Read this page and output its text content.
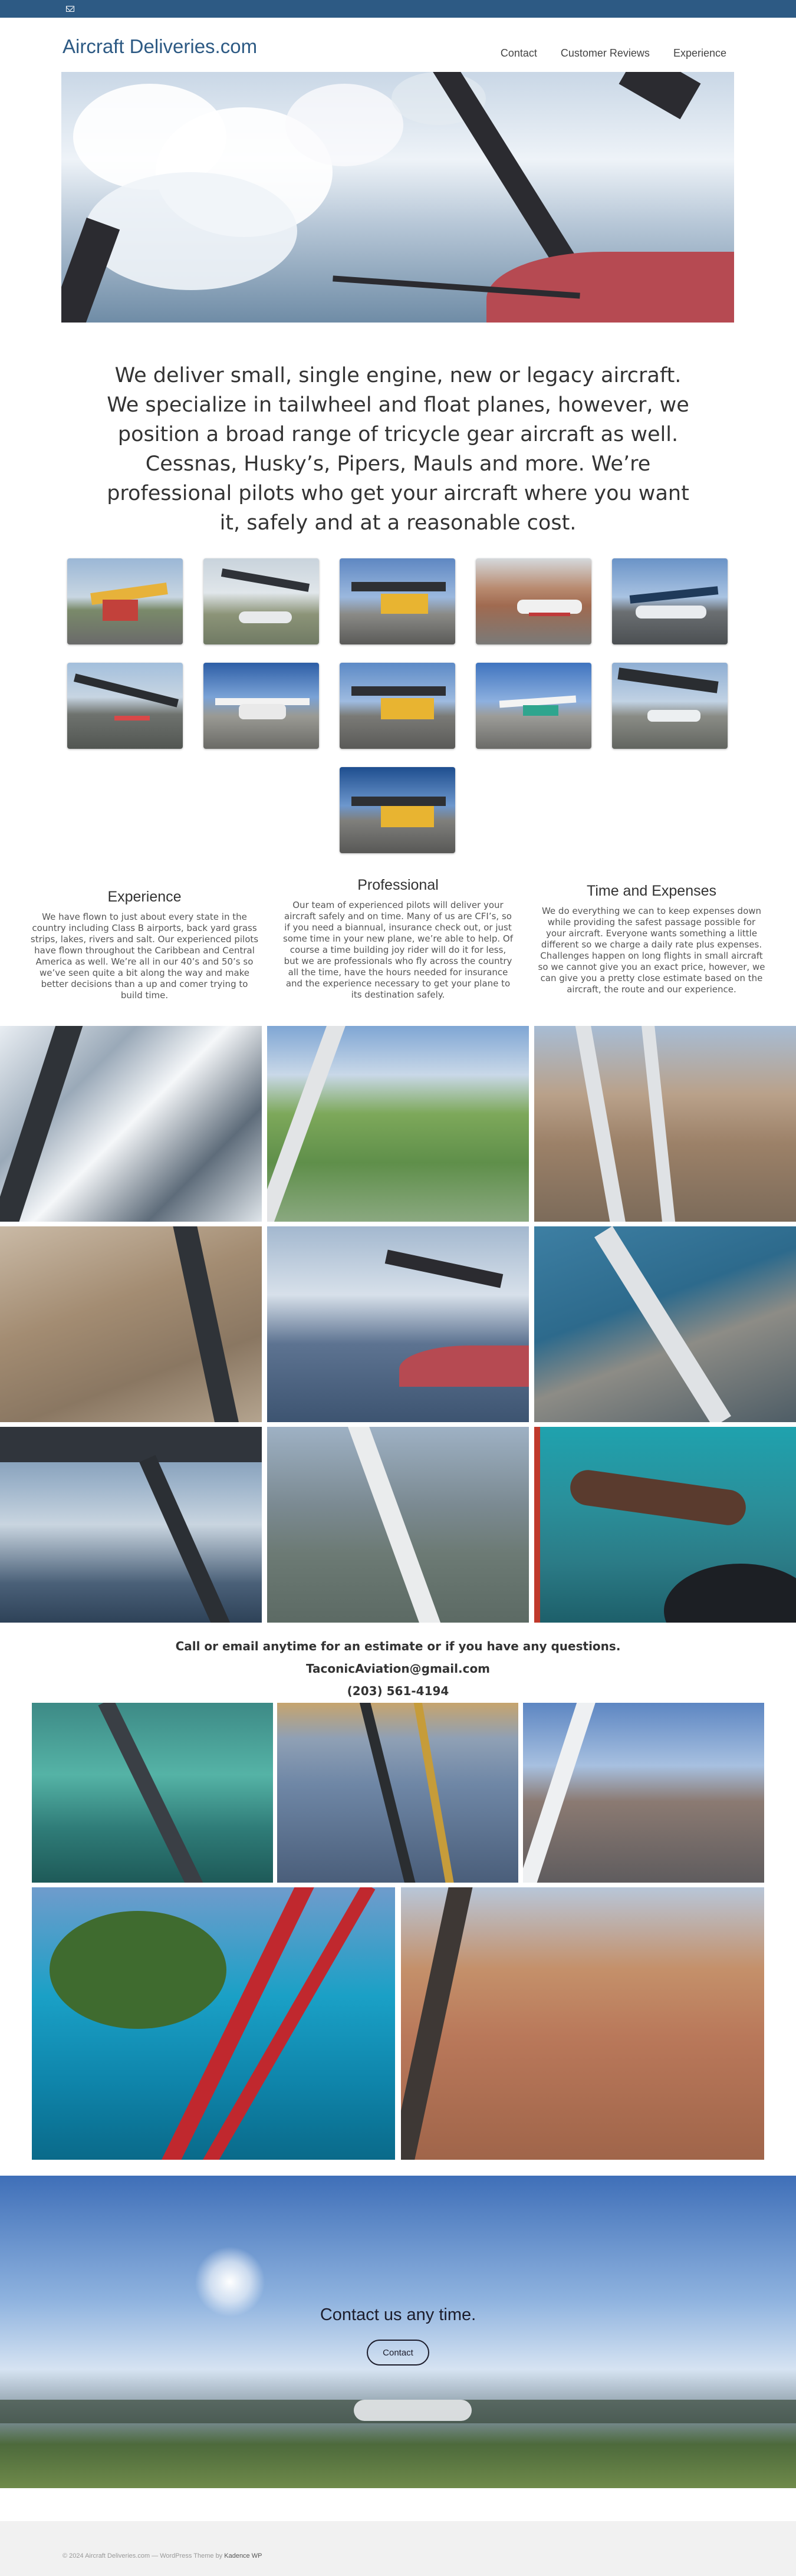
Aircraft Deliveries.com	Contact Customer Reviews Experience
We deliver small, single engine, new or legacy aircraft. We specialize in tailwheel and float planes, however, we position a broad range of tricycle gear aircraft as well. Cessnas, Husky’s, Pipers, Mauls and more. We’re professional pilots who get your aircraft where you want it, safely and at a reasonable cost.
Experience

We have flown to just about every state in the country including Class B airports, back yard grass strips, lakes, rivers and salt. Our experienced pilots have flown throughout the Caribbean and Central America as well. We’re all in our 40’s and 50’s so we’ve seen quite a bit along the way and make better decisions than a up and comer trying to build time.

Professional

Our team of experienced pilots will deliver your aircraft safely and on time. Many of us are CFI’s, so if you need a biannual, insurance check out, or just some time in your new plane, we’re able to help. Of course a time building joy rider will do it for less, but we are professionals who fly across the country all the time, have the hours needed for insurance and the experience necessary to get your plane to its destination safely.

Time and Expenses

We do everything we can to keep expenses down while providing the safest passage possible for your aircraft. Everyone wants something a little different so we charge a daily rate plus expenses. Challenges happen on long flights in small aircraft so we cannot give you an exact price, however, we can give you a pretty close estimate based on the aircraft, the route and our experience.

Call or email anytime for an estimate or if you have any questions.
TaconicAviation@gmail.com
(203) 561-4194
Contact us any time.
Contact
© 2024 Aircraft Deliveries.com — WordPress Theme by Kadence WP
